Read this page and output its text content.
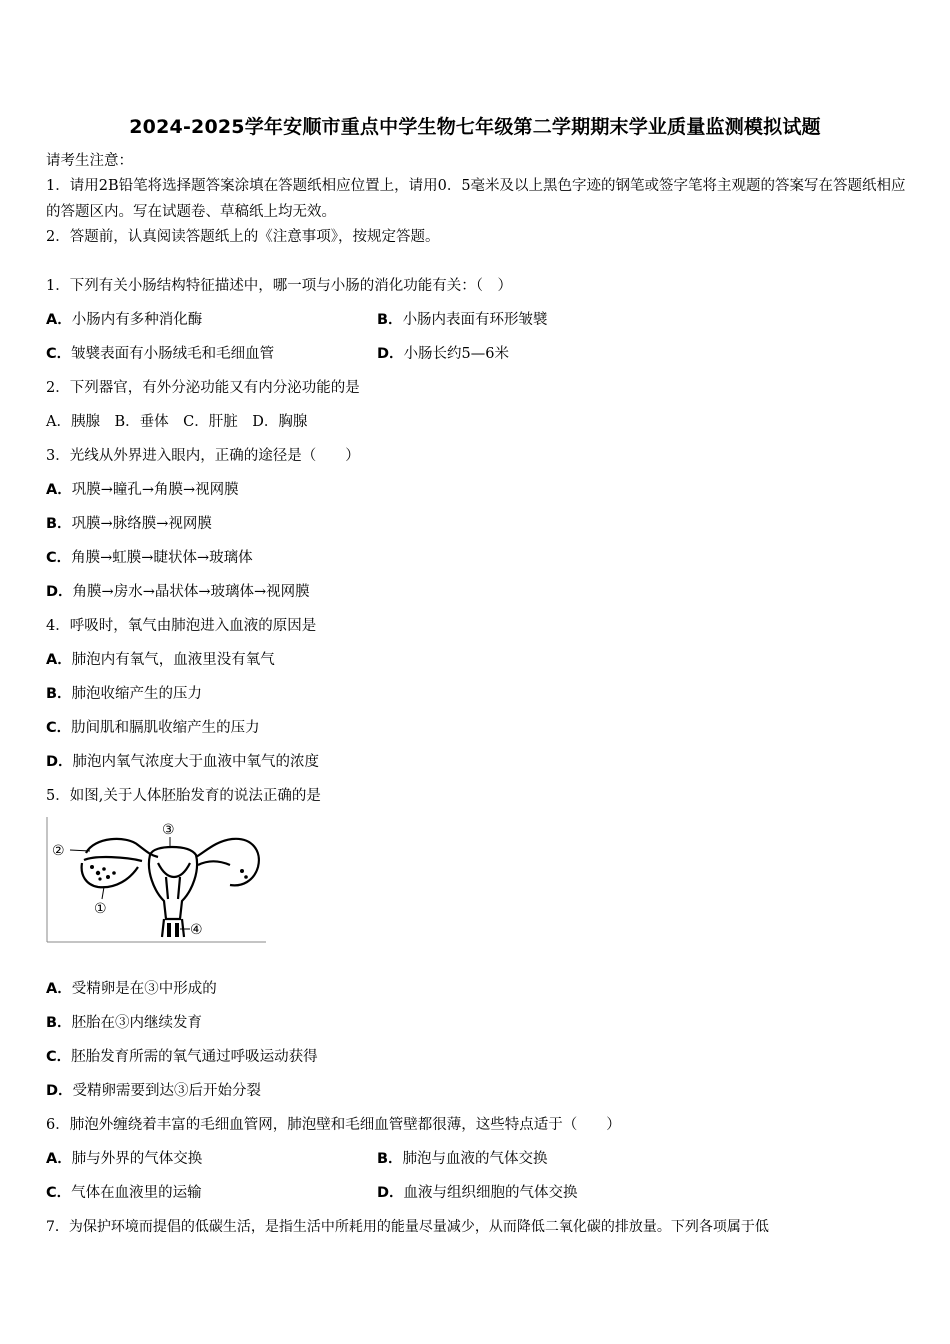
2024-2025学年安顺市重点中学生物七年级第二学期期末学业质量监测模拟试题
请考生注意：
1．请用2B铅笔将选择题答案涂填在答题纸相应位置上，请用0．5毫米及以上黑色字迹的钢笔或签字笔将主观题的答案写在答题纸相应的答题区内。写在试题卷、草稿纸上均无效。
2．答题前，认真阅读答题纸上的《注意事项》，按规定答题。
1．下列有关小肠结构特征描述中，哪一项与小肠的消化功能有关：（　）
A．小肠内有多种消化酶	B．小肠内表面有环形皱襞
C．皱襞表面有小肠绒毛和毛细血管	D．小肠长约5—6米
2．下列器官，有外分泌功能又有内分泌功能的是
A．胰腺　B．垂体　C．肝脏　D．胸腺
3．光线从外界进入眼内，正确的途径是（　　）
A．巩膜→瞳孔→角膜→视网膜
B．巩膜→脉络膜→视网膜
C．角膜→虹膜→睫状体→玻璃体
D．角膜→房水→晶状体→玻璃体→视网膜
4．呼吸时，氧气由肺泡进入血液的原因是
A．肺泡内有氧气，血液里没有氧气
B．肺泡收缩产生的压力
C．肋间肌和膈肌收缩产生的压力
D．肺泡内氧气浓度大于血液中氧气的浓度
5．如图,关于人体胚胎发育的说法正确的是
②
①
③
④
A．受精卵是在③中形成的
B．胚胎在③内继续发育
C．胚胎发育所需的氧气通过呼吸运动获得
D．受精卵需要到达③后开始分裂
6．肺泡外缠绕着丰富的毛细血管网，肺泡壁和毛细血管壁都很薄，这些特点适于（　　）
A．肺与外界的气体交换	B．肺泡与血液的气体交换
C．气体在血液里的运输	D．血液与组织细胞的气体交换
7．为保护环境而提倡的低碳生活，是指生活中所耗用的能量尽量减少，从而降低二氧化碳的排放量。下列各项属于低
